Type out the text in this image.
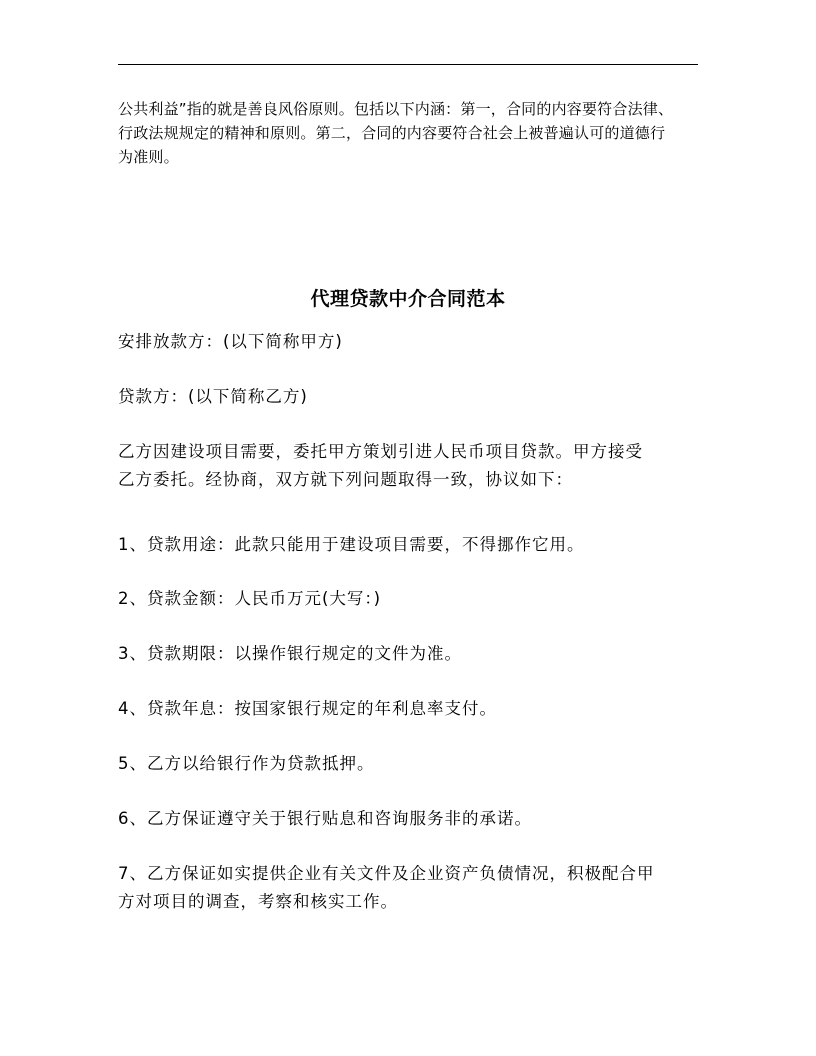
公共利益”指的就是善良风俗原则。包括以下内涵：第一，合同的内容要符合法律、

行政法规规定的精神和原则。第二，合同的内容要符合社会上被普遍认可的道德行

为准则。

代理贷款中介合同范本

安排放款方：(以下简称甲方)

贷款方：(以下简称乙方)

乙方因建设项目需要，委托甲方策划引进人民币项目贷款。甲方接受

乙方委托。经协商，双方就下列问题取得一致，协议如下：

1、贷款用途：此款只能用于建设项目需要，不得挪作它用。

2、贷款金额：人民币万元(大写：)

3、贷款期限：以操作银行规定的文件为准。

4、贷款年息：按国家银行规定的年利息率支付。

5、乙方以给银行作为贷款抵押。

6、乙方保证遵守关于银行贴息和咨询服务非的承诺。

7、乙方保证如实提供企业有关文件及企业资产负债情况，积极配合甲

方对项目的调查，考察和核实工作。
